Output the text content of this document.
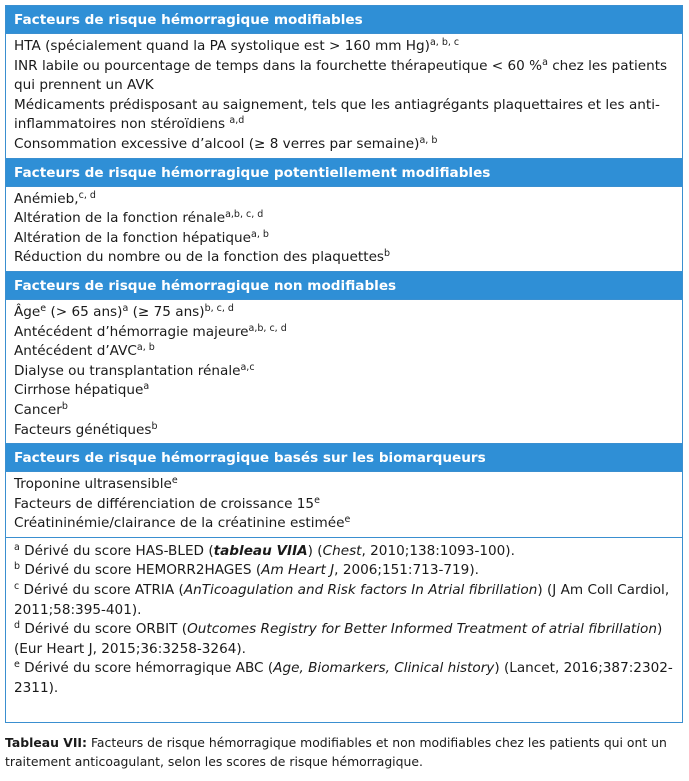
Facteurs de risque hémorragique modifiables
HTA (spécialement quand la PA systolique est > 160 mm Hg)$^{a, b, c}$
INR labile ou pourcentage de temps dans la fourchette thérapeutique < 60 %$^a$ chez les patients qui prennent un AVK
Médicaments prédisposant au saignement, tels que les antiagrégants plaquettaires et les anti-inflammatoires non stéroïdiens $^{a,d}$
Consommation excessive d’alcool (≥ 8 verres par semaine)$^{a, b}$
Facteurs de risque hémorragique potentiellement modifiables
Anémieb,$^{c, d}$
Altération de la fonction rénale$^{a,b, c, d}$
Altération de la fonction hépatique$^{a, b}$
Réduction du nombre ou de la fonction des plaquettes$^b$
Facteurs de risque hémorragique non modifiables
Âge$^e$ (> 65 ans)$^a$ (≥ 75 ans)$^{b, c, d}$
Antécédent d’hémorragie majeure$^{a,b, c, d}$
Antécédent d’AVC$^{a, b}$
Dialyse ou transplantation rénale$^{a,c}$
Cirrhose hépatique$^a$
Cancer$^b$
Facteurs génétiques$^b$
Facteurs de risque hémorragique basés sur les biomarqueurs
Troponine ultrasensible$^e$
Facteurs de différenciation de croissance 15e
Créatininémie/clairance de la créatinine estimée$^e$
$^a$ Dérivé du score HAS-BLED (tableau VIIA) (Chest, 2010;138:1093-100).
$^b$ Dérivé du score HEMORR2HAGES (Am Heart J, 2006;151:713-719).
$^c$ Dérivé du score ATRIA (AnTicoagulation and Risk factors In Atrial fibrillation) (J Am Coll Cardiol, 2011;58:395-401).
$^d$ Dérivé du score ORBIT (Outcomes Registry for Better Informed Treatment of atrial fibrillation) (Eur Heart J, 2015;36:3258-3264).
$^e$ Dérivé du score hémorragique ABC (Age, Biomarkers, Clinical history) (Lancet, 2016;387:2302-2311).
Tableau VII: Facteurs de risque hémorragique modifiables et non modifiables chez les patients qui ont un traitement anticoagulant, selon les scores de risque hémorragique.
